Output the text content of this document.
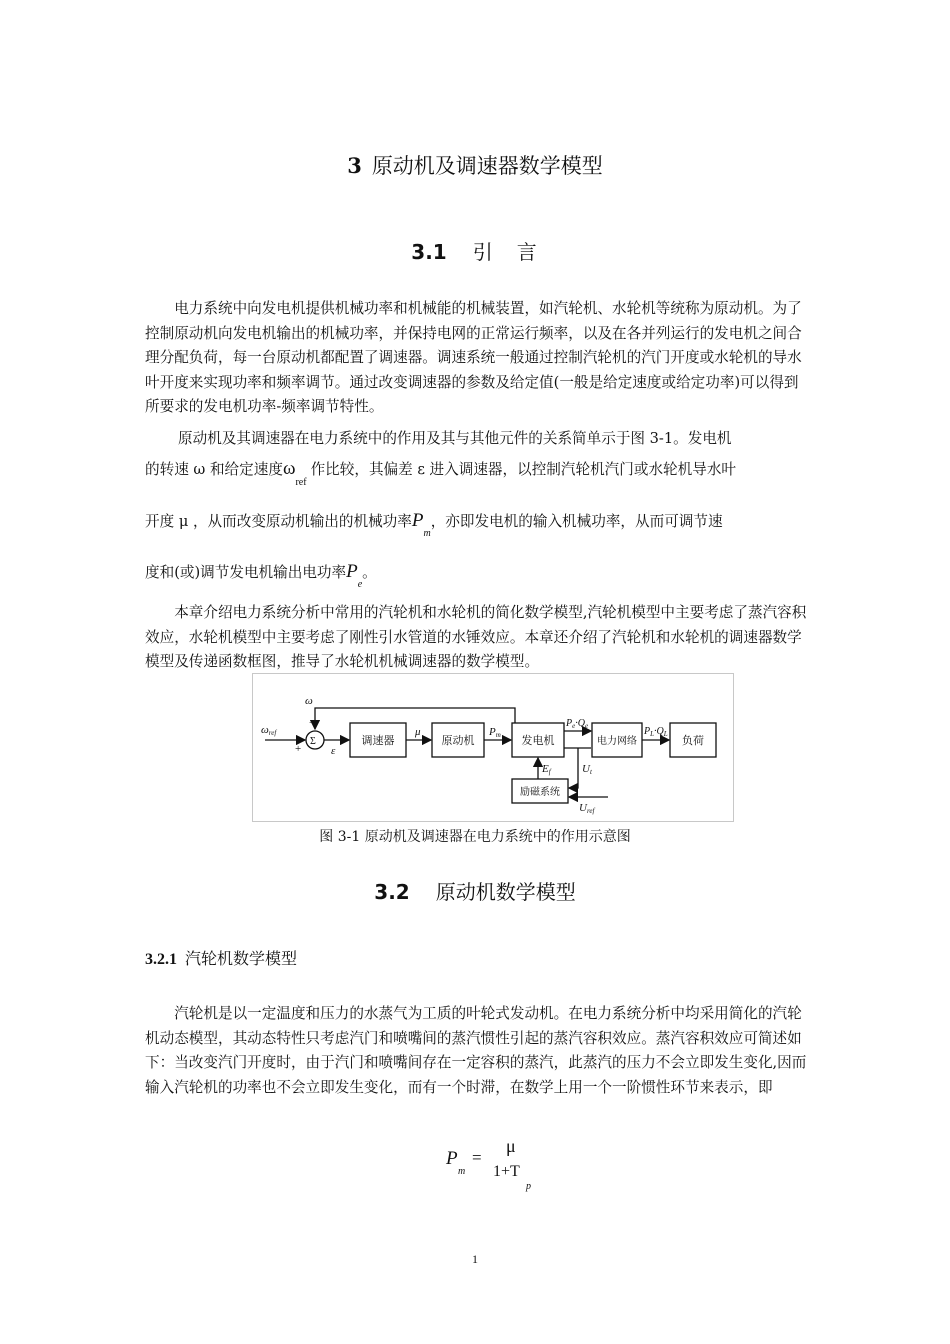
3 原动机及调速器数学模型
3.1 引　言

电力系统中向发电机提供机械功率和机械能的机械装置，如汽轮机、水轮机等统称为原动机。为了控制原动机向发电机输出的机械功率，并保持电网的正常运行频率，以及在各并列运行的发电机之间合理分配负荷，每一台原动机都配置了调速器。调速系统一般通过控制汽轮机的汽门开度或水轮机的导水叶开度来实现功率和频率调节。通过改变调速器的参数及给定值(一般是给定速度或给定功率)可以得到所要求的发电机功率-频率调节特性。

原动机及其调速器在电力系统中的作用及其与其他元件的关系简单示于图 3-1。发电机
的转速 ω 和给定速度$\omega_{ref}$作比较，其偏差 ε 进入调速器，以控制汽轮机汽门或水轮机导水叶
开度 μ ，从而改变原动机输出的机械功率$P_m$，亦即发电机的输入机械功率，从而可调节速
度和(或)调节发电机输出电功率$P_e$。

本章介绍电力系统分析中常用的汽轮机和水轮机的简化数学模型,汽轮机模型中主要考虑了蒸汽容积效应，水轮机模型中主要考虑了刚性引水管道的水锤效应。本章还介绍了汽轮机和水轮机的调速器数学模型及传递函数框图，推导了水轮机机械调速器的数学模型。

ωref
+
−
Σ
ω
ε
μ	Pm
$P_e\cdot Q_e$	$P_L\cdot Q_L$
Ef	Ut
Uref
调速器	原动机	发电机	电力网络	负荷
励磁系统
图 3-1 原动机及调速器在电力系统中的作用示意图
3.2 原动机数学模型
3.2.1 汽轮机数学模型

汽轮机是以一定温度和压力的水蒸气为工质的叶轮式发动机。在电力系统分析中均采用简化的汽轮机动态模型，其动态特性只考虑汽门和喷嘴间的蒸汽惯性引起的蒸汽容积效应。蒸汽容积效应可简述如下：当改变汽门开度时，由于汽门和喷嘴间存在一定容积的蒸汽，此蒸汽的压力不会立即发生变化,因而输入汽轮机的功率也不会立即发生变化，而有一个时滞，在数学上用一个一阶惯性环节来表示，即

P
m
=
μ
1+T
p
1
